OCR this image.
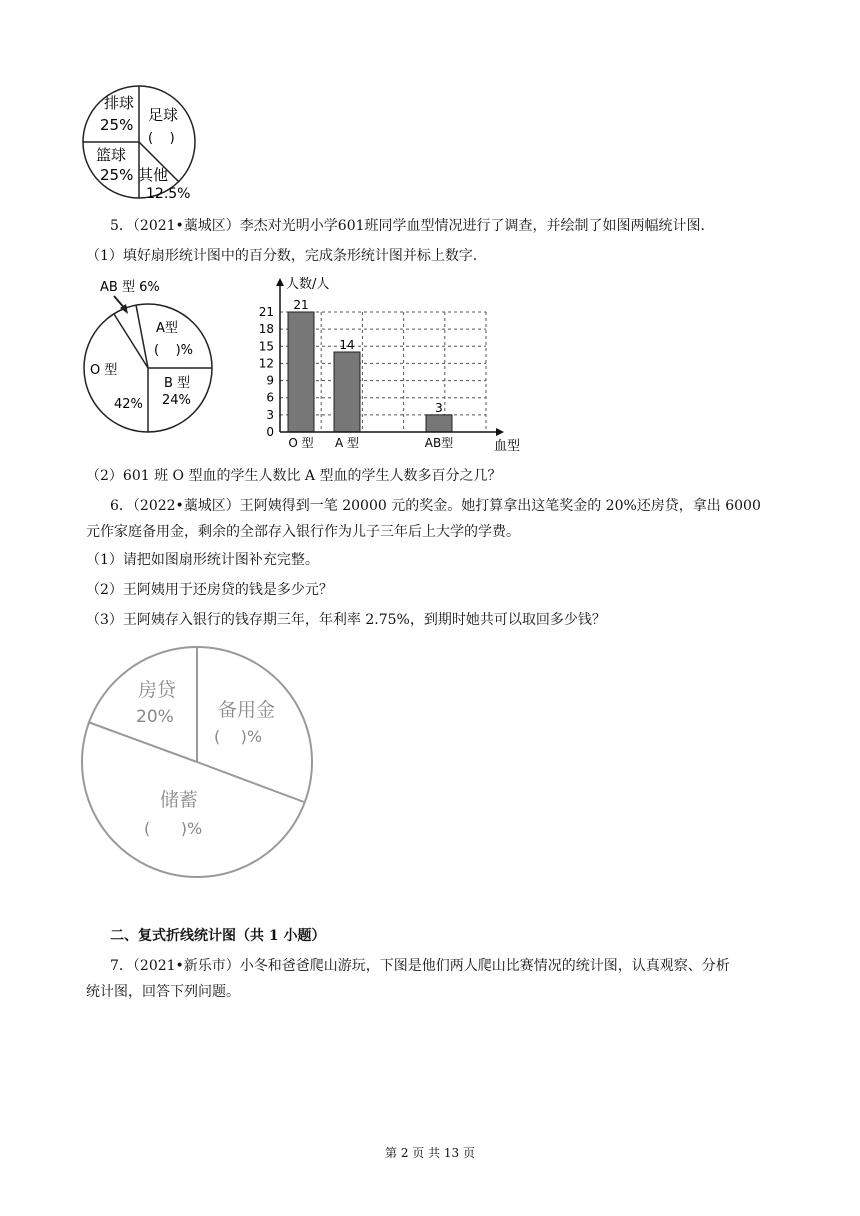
排球
25%
足球
(    )
篮球
25% 其他
12.5%
5．（2021•藁城区）李杰对光明小学601班同学血型情况进行了调查，并绘制了如图两幅统计图．
（1）填好扇形统计图中的百分数，完成条形统计图并标上数字．
AB 型 6%
A型
(    )%
O 型
42%
B 型
24%
21
14
3
0
3
6
9
12
15
18
21
O 型 A 型	AB型
人数/人
血型
（2）601 班 O 型血的学生人数比 A 型血的学生人数多百分之几？
6．（2022•藁城区）王阿姨得到一笔 20000 元的奖金。她打算拿出这笔奖金的 20%还房贷，拿出 6000
元作家庭备用金，剩余的全部存入银行作为儿子三年后上大学的学费。
（1）请把如图扇形统计图补充完整。
（2）王阿姨用于还房贷的钱是多少元？
（3）王阿姨存入银行的钱存期三年，年利率 2.75%，到期时她共可以取回多少钱？
房贷
20% 备用金
(    )%
储蓄
(      )%
二、复式折线统计图（共 1 小题）
7．（2021•新乐市）小冬和爸爸爬山游玩，下图是他们两人爬山比赛情况的统计图，认真观察、分析
统计图，回答下列问题。
第 2 页 共 13 页
